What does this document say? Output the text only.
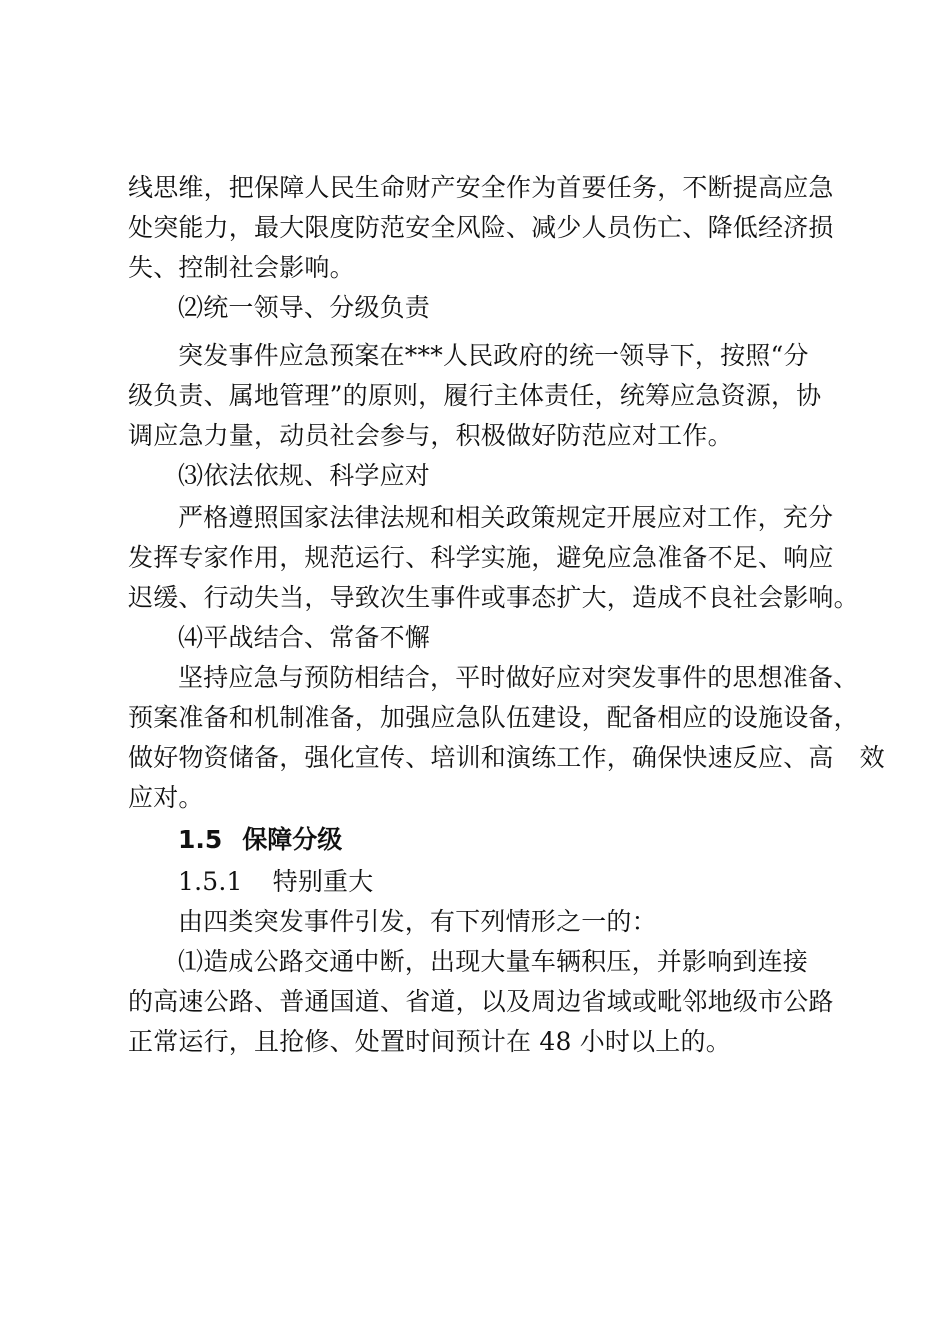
线思维，把保障人民生命财产安全作为首要任务，不断提高应急
处突能力，最大限度防范安全风险、减少人员伤亡、降低经济损
失、控制社会影响。
⑵统一领导、分级负责
突发事件应急预案在***人民政府的统一领导下，按照“分
级负责、属地管理”的原则，履行主体责任，统筹应急资源，协
调应急力量，动员社会参与，积极做好防范应对工作。
⑶依法依规、科学应对
严格遵照国家法律法规和相关政策规定开展应对工作，充分
发挥专家作用，规范运行、科学实施，避免应急准备不足、响应
迟缓、行动失当，导致次生事件或事态扩大，造成不良社会影响。
⑷平战结合、常备不懈
坚持应急与预防相结合，平时做好应对突发事件的思想准备、
预案准备和机制准备，加强应急队伍建设，配备相应的设施设备，
做好物资储备，强化宣传、培训和演练工作，确保快速反应、高 效
应对。
1.5 保障分级
1.5.1 特别重大
由四类突发事件引发，有下列情形之一的：
⑴造成公路交通中断，出现大量车辆积压，并影响到连接
的高速公路、普通国道、省道，以及周边省域或毗邻地级市公路
正常运行，且抢修、处置时间预计在 48 小时以上的。
